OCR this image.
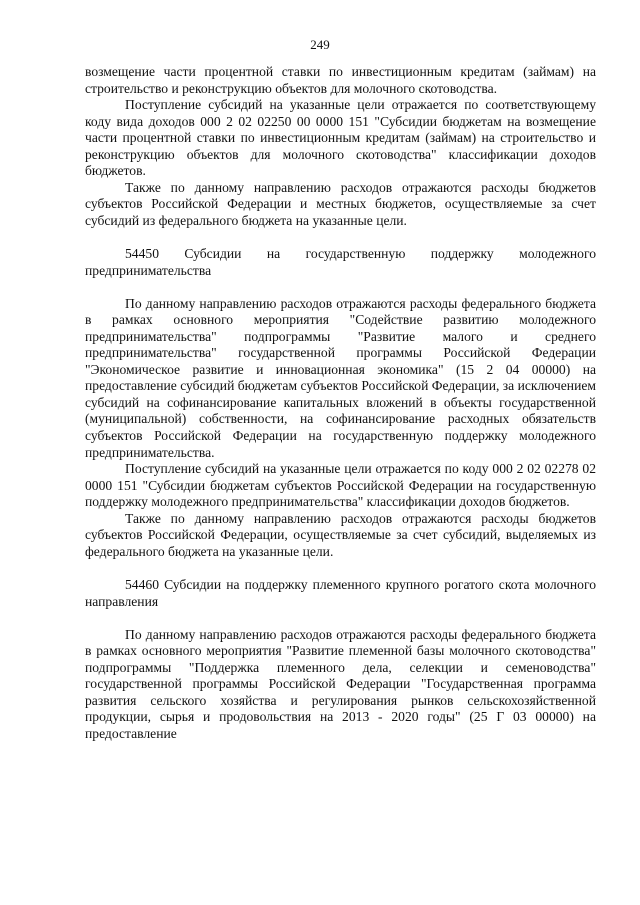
249

возмещение части процентной ставки по инвестиционным кредитам (займам) на строительство и реконструкцию объектов для молочного скотоводства.

Поступление субсидий на указанные цели отражается по соответствующему коду вида доходов 000 2 02 02250 00 0000 151 "Субсидии бюджетам на возмещение части процентной ставки по инвестиционным кредитам (займам) на строительство и реконструкцию объектов для молочного скотоводства" классификации доходов бюджетов.

Также по данному направлению расходов отражаются расходы бюджетов субъектов Российской Федерации и местных бюджетов, осуществляемые за счет субсидий из федерального бюджета на указанные цели.

54450 Субсидии на государственную поддержку молодежного предпринимательства

По данному направлению расходов отражаются расходы федерального бюджета в рамках основного мероприятия "Содействие развитию молодежного предпринимательства" подпрограммы "Развитие малого и среднего предпринимательства" государственной программы Российской Федерации "Экономическое развитие и инновационная экономика" (15 2 04 00000) на предоставление субсидий бюджетам субъектов Российской Федерации, за исключением субсидий на софинансирование капитальных вложений в объекты государственной (муниципальной) собственности, на софинансирование расходных обязательств субъектов Российской Федерации на государственную поддержку молодежного предпринимательства.

Поступление субсидий на указанные цели отражается по коду 000 2 02 02278 02 0000 151 "Субсидии бюджетам субъектов Российской Федерации на государственную поддержку молодежного предпринимательства" классификации доходов бюджетов.

Также по данному направлению расходов отражаются расходы бюджетов субъектов Российской Федерации, осуществляемые за счет субсидий, выделяемых из федерального бюджета на указанные цели.

54460 Субсидии на поддержку племенного крупного рогатого скота молочного направления

По данному направлению расходов отражаются расходы федерального бюджета в рамках основного мероприятия "Развитие племенной базы молочного скотоводства" подпрограммы "Поддержка племенного дела, селекции и семеноводства" государственной программы Российской Федерации "Государственная программа развития сельского хозяйства и регулирования рынков сельскохозяйственной продукции, сырья и продовольствия на 2013 - 2020 годы" (25 Г 03 00000) на предоставление
